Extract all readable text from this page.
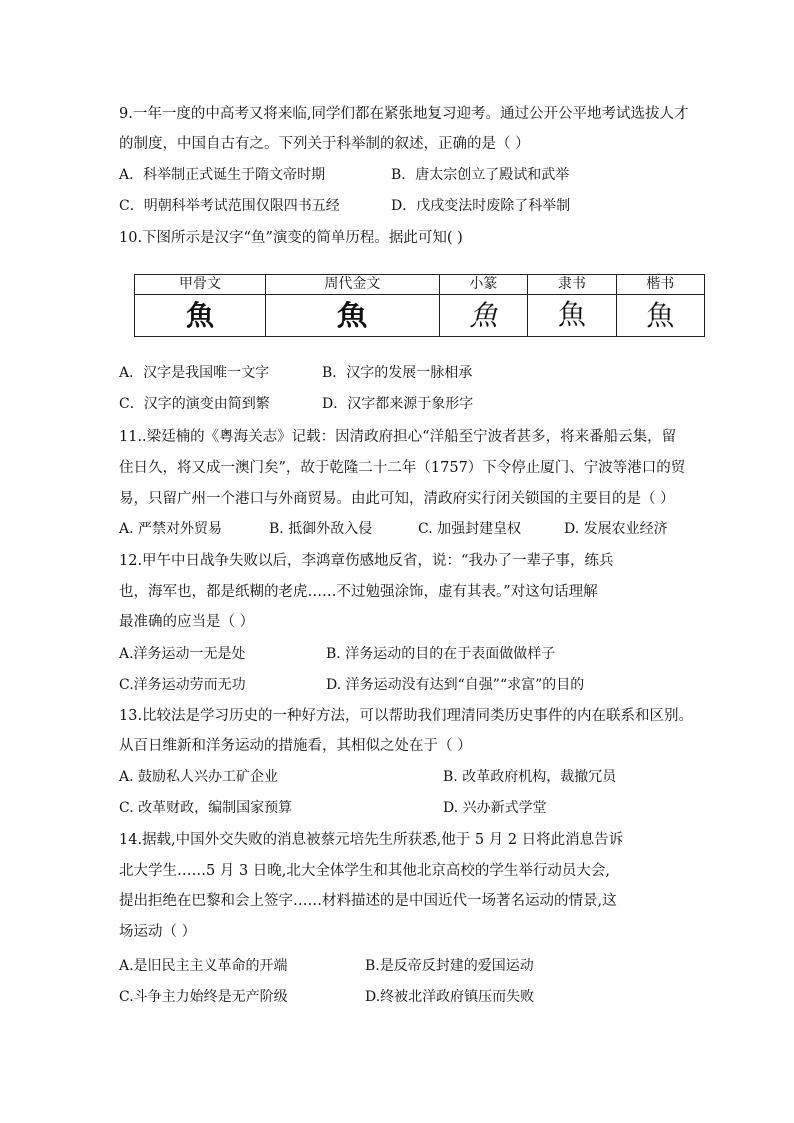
9.一年一度的中高考又将来临,同学们都在紧张地复习迎考。通过公开公平地考试选拔人才
的制度，中国自古有之。下列关于科举制的叙述，正确的是（ ）
A．科举制正式诞生于隋文帝时期	B．唐太宗创立了殿试和武举
C．明朝科举考试范围仅限四书五经	D．戊戌变法时废除了科举制
10.下图所示是汉字“鱼”演变的简单历程。据此可知( )
甲骨文	周代金文	小篆	隶书	楷书
魚	魚	魚	魚	魚
A．汉字是我国唯一文字	B．汉字的发展一脉相承
C．汉字的演变由简到繁	D．汉字都来源于象形字
11..梁廷楠的《粤海关志》记载：因清政府担心“洋船至宁波者甚多，将来番船云集，留
住日久，将又成一澳门矣”，故于乾隆二十二年（1757）下令停止厦门、宁波等港口的贸
易，只留广州一个港口与外商贸易。由此可知，清政府实行闭关锁国的主要目的是（ ）
A. 严禁对外贸易	B. 抵御外敌入侵	C. 加强封建皇权	D. 发展农业经济
12.甲午中日战争失败以后，李鸿章伤感地反省，说：“我办了一辈子事，练兵
也，海军也，都是纸糊的老虎……不过勉强涂饰，虚有其表。”对这句话理解
最准确的应当是（ ）
A.洋务运动一无是处	B. 洋务运动的目的在于表面做做样子
C.洋务运动劳而无功	D. 洋务运动没有达到“自强”“求富”的目的
13.比较法是学习历史的一种好方法，可以帮助我们理清同类历史事件的内在联系和区别。
从百日维新和洋务运动的措施看，其相似之处在于（ ）
A. 鼓励私人兴办工矿企业	B. 改革政府机构，裁撤冗员
C. 改革财政，编制国家预算	D. 兴办新式学堂
14.据载,中国外交失败的消息被蔡元培先生所获悉,他于 5 月 2 日将此消息告诉
北大学生……5 月 3 日晚,北大全体学生和其他北京高校的学生举行动员大会,
提出拒绝在巴黎和会上签字……材料描述的是中国近代一场著名运动的情景,这
场运动（ ）
A.是旧民主主义革命的开端	B.是反帝反封建的爱国运动
C.斗争主力始终是无产阶级	D.终被北洋政府镇压而失败
